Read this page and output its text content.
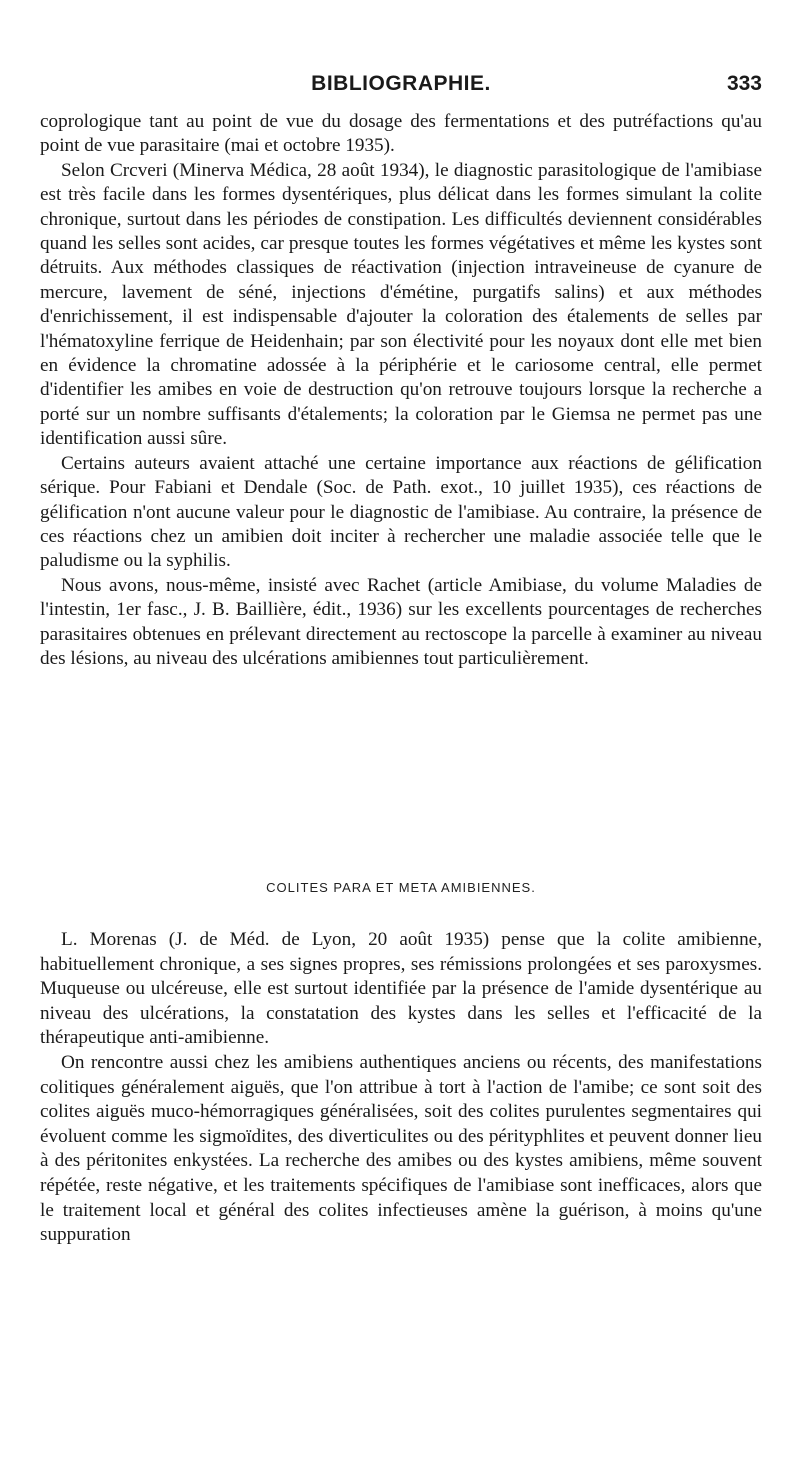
BIBLIOGRAPHIE.	333

coprologique tant au point de vue du dosage des fermentations et des putréfactions qu'au point de vue parasitaire (mai et octobre 1935).

Selon Crcveri (Minerva Médica, 28 août 1934), le diagnostic parasitologique de l'amibiase est très facile dans les formes dysentériques, plus délicat dans les formes simulant la colite chronique, surtout dans les périodes de constipation. Les difficultés deviennent considérables quand les selles sont acides, car presque toutes les formes végétatives et même les kystes sont détruits. Aux méthodes classiques de réactivation (injection intraveineuse de cyanure de mercure, lavement de séné, injections d'émétine, purgatifs salins) et aux méthodes d'enrichissement, il est indispensable d'ajouter la coloration des étalements de selles par l'hématoxyline ferrique de Heidenhain; par son électivité pour les noyaux dont elle met bien en évidence la chromatine adossée à la périphérie et le cariosome central, elle permet d'identifier les amibes en voie de destruction qu'on retrouve toujours lorsque la recherche a porté sur un nombre suffisants d'étalements; la coloration par le Giemsa ne permet pas une identification aussi sûre.

Certains auteurs avaient attaché une certaine importance aux réactions de gélification sérique. Pour Fabiani et Dendale (Soc. de Path. exot., 10 juillet 1935), ces réactions de gélification n'ont aucune valeur pour le diagnostic de l'amibiase. Au contraire, la présence de ces réactions chez un amibien doit inciter à rechercher une maladie associée telle que le paludisme ou la syphilis.

Nous avons, nous-même, insisté avec Rachet (article Amibiase, du volume Maladies de l'intestin, 1er fasc., J. B. Baillière, édit., 1936) sur les excellents pourcentages de recherches parasitaires obtenues en prélevant directement au rectoscope la parcelle à examiner au niveau des lésions, au niveau des ulcérations amibiennes tout particulièrement.

COLITES PARA ET META AMIBIENNES.

L. Morenas (J. de Méd. de Lyon, 20 août 1935) pense que la colite amibienne, habituellement chronique, a ses signes propres, ses rémissions prolongées et ses paroxysmes. Muqueuse ou ulcéreuse, elle est surtout identifiée par la présence de l'amide dysentérique au niveau des ulcérations, la constatation des kystes dans les selles et l'efficacité de la thérapeutique anti-amibienne.

On rencontre aussi chez les amibiens authentiques anciens ou récents, des manifestations colitiques généralement aiguës, que l'on attribue à tort à l'action de l'amibe; ce sont soit des colites aiguës muco-hémorragiques généralisées, soit des colites purulentes segmentaires qui évoluent comme les sigmoïdites, des diverticulites ou des pérityphlites et peuvent donner lieu à des péritonites enkystées. La recherche des amibes ou des kystes amibiens, même souvent répétée, reste négative, et les traitements spécifiques de l'amibiase sont inefficaces, alors que le traitement local et général des colites infectieuses amène la guérison, à moins qu'une suppuration
